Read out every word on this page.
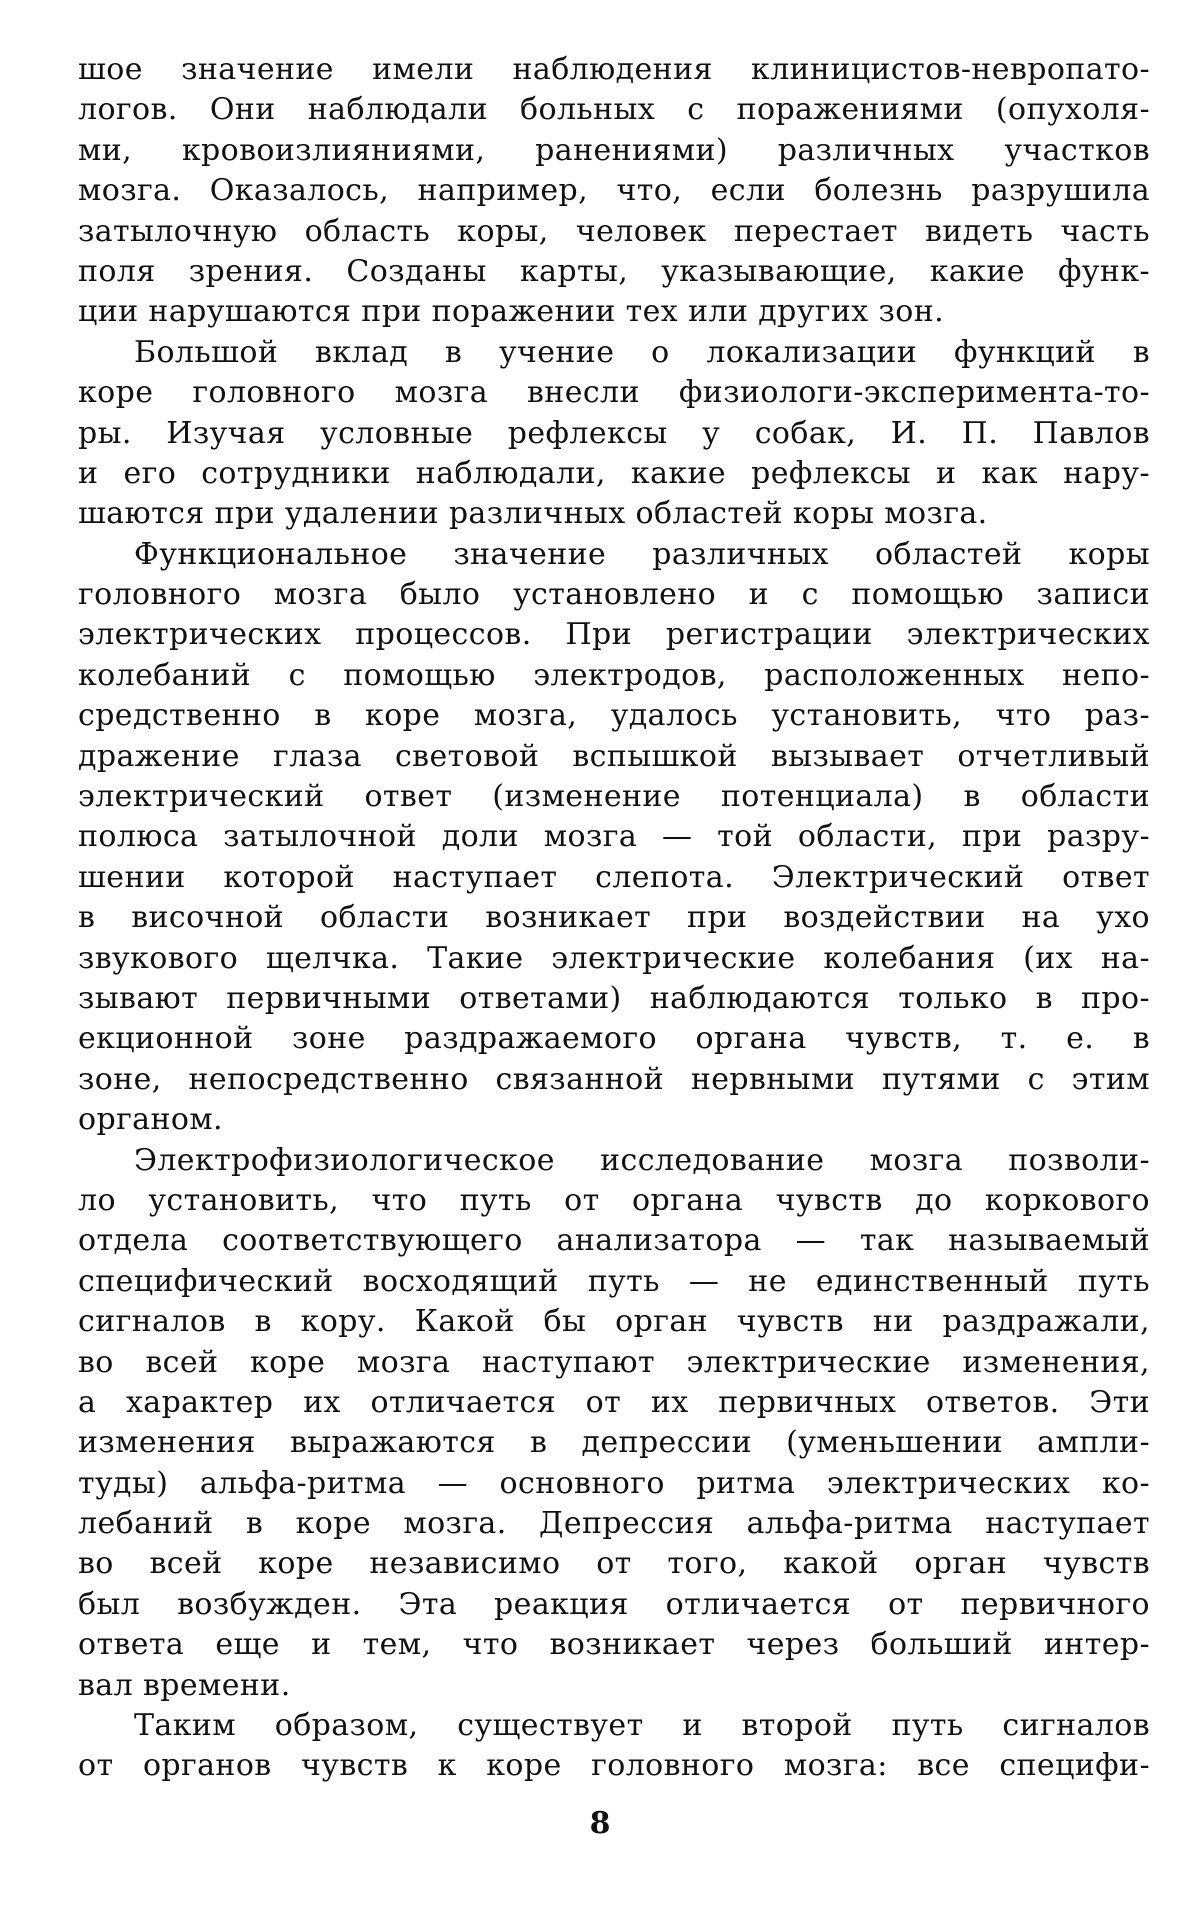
шое значение имели наблюдения клиницистов-невропато-
логов. Они наблюдали больных с поражениями (опухоля-
ми, кровоизлияниями, ранениями) различных участков
мозга. Оказалось, например, что, если болезнь разрушила
затылочную область коры, человек перестает видеть часть
поля зрения. Созданы карты, указывающие, какие функ-
ции нарушаются при поражении тех или других зон.
Большой вклад в учение о локализации функций в
коре головного мозга внесли физиологи-эксперимента-то-
ры. Изучая условные рефлексы у собак, И. П. Павлов
и его сотрудники наблюдали, какие рефлексы и как нару-
шаются при удалении различных областей коры мозга.
Функциональное значение различных областей коры
головного мозга было установлено и с помощью записи
электрических процессов. При регистрации электрических
колебаний с помощью электродов, расположенных непо-
средственно в коре мозга, удалось установить, что раз-
дражение глаза световой вспышкой вызывает отчетливый
электрический ответ (изменение потенциала) в области
полюса затылочной доли мозга — той области, при разру-
шении которой наступает слепота. Электрический ответ
в височной области возникает при воздействии на ухо
звукового щелчка. Такие электрические колебания (их на-
зывают первичными ответами) наблюдаются только в про-
екционной зоне раздражаемого органа чувств, т. е. в
зоне, непосредственно связанной нервными путями с этим
органом.
Электрофизиологическое исследование мозга позволи-
ло установить, что путь от органа чувств до коркового
отдела соответствующего анализатора — так называемый
специфический восходящий путь — не единственный путь
сигналов в кору. Какой бы орган чувств ни раздражали,
во всей коре мозга наступают электрические изменения,
а характер их отличается от их первичных ответов. Эти
изменения выражаются в депрессии (уменьшении ампли-
туды) альфа-ритма — основного ритма электрических ко-
лебаний в коре мозга. Депрессия альфа-ритма наступает
во всей коре независимо от того, какой орган чувств
был возбужден. Эта реакция отличается от первичного
ответа еще и тем, что возникает через больший интер-
вал времени.
Таким образом, существует и второй путь сигналов
от органов чувств к коре головного мозга: все специфи-
8
